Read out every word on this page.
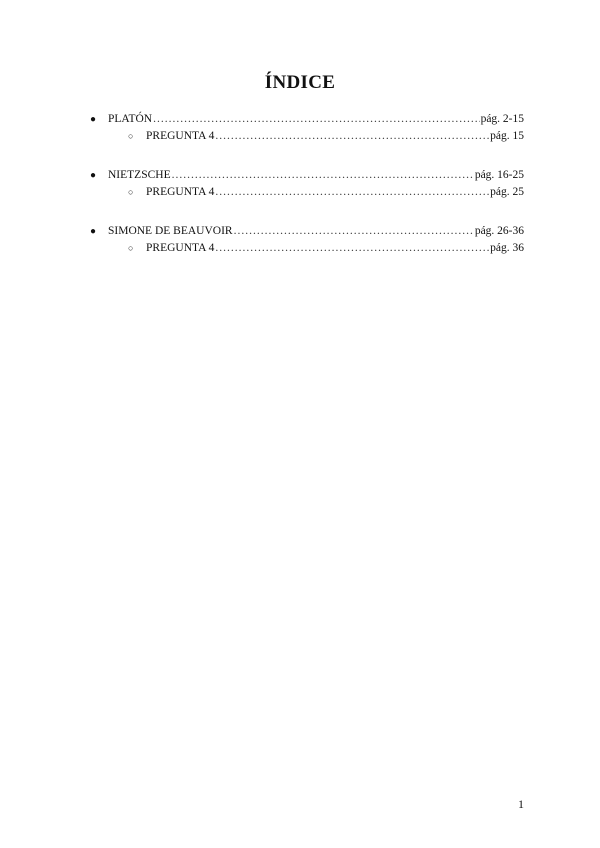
ÍNDICE
●	PLATÓN .....	pág. 2-15
○	PREGUNTA 4 .....	pág. 15
●	NIETZSCHE .....	pág. 16-25
○	PREGUNTA 4 .....	pág. 25
●	SIMONE DE BEAUVOIR .....	pág. 26-36
○	PREGUNTA 4 .....	pág. 36
1
